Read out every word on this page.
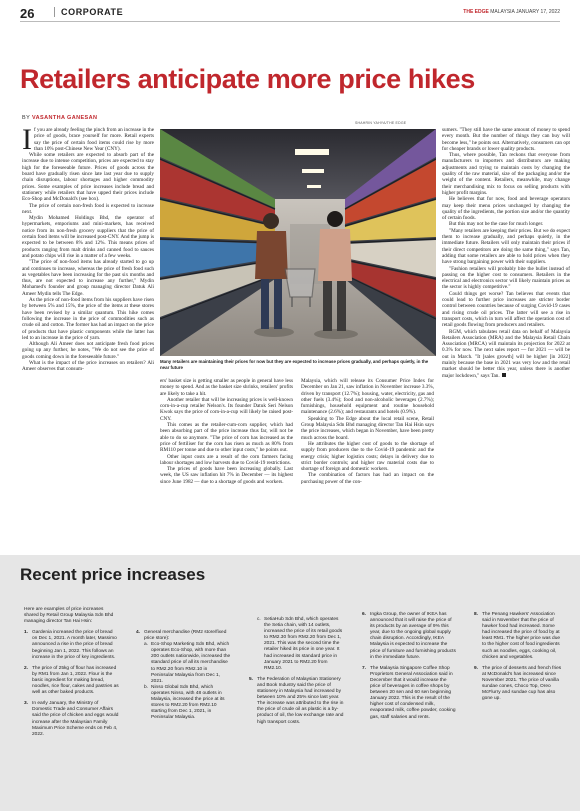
26	CORPORATE	THE EDGE MALAYSIA JANUARY 17, 2022
Retailers anticipate more price hikes
BY VASANTHA GANESAN
SHAHRIN YAHYA/THE EDGE
Many retailers are maintaining their prices for now but they are expected to increase prices gradually, and perhaps quietly, in the near future

If you are already feeling the pinch from an increase in the price of goods, brace yourself for more. Retail experts say the price of certain food items could rise by more than 10% post-Chinese New Year (CNY).

While some retailers are expected to absorb part of the increase due to intense competition, prices are expected to stay high for the foreseeable future. Prices of goods across the board have gradually risen since late last year due to supply chain disruptions, labour shortages and higher commodity prices. Some examples of price increases include bread and stationery while retailers that have upped their prices include Eco-Shop and McDonald's (see box).

The price of certain non-fresh food is expected to increase next.

Mydin Mohamed Holdings Bhd, the operator of hypermarkets, emporiums and mini-markets, has received notice from its non-fresh grocery suppliers that the price of certain food items will be increased post-CNY. And the jump is expected to be between 8% and 12%. This means prices of products ranging from malt drinks and canned food to sauces and potato chips will rise in a matter of a few weeks.

"The price of non-food items has already started to go up and continues to increase, whereas the price of fresh food such as vegetables have been increasing for the past six months and thus, are not expected to increase any further," Mydin Mohamed's founder and group managing director Datuk Ali Ameer Mydin tells The Edge.

As the price of non-food items from his suppliers have risen by between 5% and 15%, the price of the items at these stores have been revised by a similar quantum. This hike comes following the increase in the price of commodities such as crude oil and cotton. The former has had an impact on the price of products that have plastic components while the latter has led to an increase in the price of yarn.

Although Ali Ameer does not anticipate fresh food prices going up any further, he notes, "We do not see the price of goods coming down in the foreseeable future."

What is the impact of the price increases on retailers? Ali Ameer observes that consum-

ers' basket size is getting smaller as people in general have less money to spend. And as the basket size shrinks, retailers' profits are likely to take a hit.

Another retailer that will be increasing prices is well-known corn-in-a-cup retailer Nelson's. Its founder Datuk Seri Nelson Kwok says the price of corn-in-a-cup will likely be raised post-CNY.

This comes as the retailer-cum-corn supplier, which had been absorbing part of the price increase thus far, will not be able to do so anymore. "The price of corn has increased as the price of fertiliser for the corn has risen as much as 80% from RM110 per tonne and due to other input costs," he points out.

Other input costs are a result of the corn farmers facing labour shortages and low harvests due to Covid-19 restrictions.

The prices of goods have been increasing globally. Last week, the US saw inflation hit 7% in December — its highest since June 1982 — due to a shortage of goods and workers.

Malaysia, which will release its Consumer Price Index for December on Jan 21, saw inflation in November increase 3.3%, driven by transport (12.7%); housing, water, electricity, gas and other fuels (3.4%); food and non-alcoholic beverages (2.7%); furnishings, household equipment and routine household maintenance (2.6%); and restaurants and hotels (0.9%).

Speaking to The Edge about the local retail scene, Retail Group Malaysia Sdn Bhd managing director Tan Hai Hsin says the price increases, which began in November, have been pretty much across the board.

He attributes the higher cost of goods to the shortage of supply from producers due to the Covid-19 pandemic and the energy crisis; higher logistics costs; delays in delivery due to strict border controls; and higher raw material costs due to shortage of foreign and domestic workers.

The combination of factors has had an impact on the purchasing power of the con-

sumers. "They still have the same amount of money to spend every month. But the number of things they can buy will become less," he points out. Alternatively, consumers can opt for cheaper brands or lower quality products.

Thus, where possible, Tan reckons that everyone from manufacturers to importers and distributors are making adjustments and trying to maintain costs by changing the quality of the raw material, size of the packaging and/or the weight of the content. Retailers, meanwhile, may change their merchandising mix to focus on selling products with higher profit margins.

He believes that for now, food and beverage operators may keep their menu prices unchanged by changing the quality of the ingredients, the portion size and/or the quantity of certain foods.

But this may not be the case for much longer.

"Many retailers are keeping their prices. But we do expect them to increase gradually, and perhaps quietly, in the immediate future. Retailers will only maintain their prices if their direct competitors are doing the same thing," says Tan, adding that some retailers are able to hold prices when they have strong bargaining power with their suppliers.

"Fashion retailers will probably bite the bullet instead of passing on the higher cost to consumers. Retailers in the electrical and electronics sector will likely maintain prices as the sector is highly competitive."

Could things get worse? Tan believes that events that could lead to further price increases are stricter border control between countries because of surging Covid-19 cases and rising crude oil prices. The latter will see a rise in transport costs, which in turn will affect the operation cost of retail goods flowing from producers and retailers.

RGM, which tabulates retail data on behalf of Malaysia Retailers Association (MRA) and the Malaysia Retail Chain Association (MRCA) will maintain its projection for 2022 at 0.3% for now. The next sales report — for 2021 — will be out in March. "It [sales growth] will be higher [in 2022] mainly because the base in 2021 was very low and the retail market should be better this year, unless there is another major lockdown," says Tan.

Recent price increases
Here are examples of price increases shared by Retail Group Malaysia Sdn Bhd managing director Tan Hai Hsin:
1. Gardenia increased the price of bread on Dec 1, 2021. A month later, Massimo announced a rise in the price of bread beginning Jan 1, 2022. This follows an increase in the price of key ingredients.
2. The price of 25kg of flour has increased by RM1 from Jan 1, 2022. Flour is the basic ingredient for making bread, noodles, rice flour, cakes and pastries as well as other baked products.
3. In early January, the Ministry of Domestic Trade and Consumer Affairs said the price of chicken and eggs would increase after the Malaysian Family Maximum Price Scheme ends on Feb 4, 2022.
4. General merchandise (RM2 store/fixed price store):
a. Eco-Shop Marketing Sdn Bhd, which operates Eco-Shop, with more than 200 outlets nationwide, increased the standard price of all its merchandise to RM2.20 from RM2.10 in Peninsular Malaysia from Dec 1, 2021.
b. Ninso Global Sdn Bhd, which operates Ninso, with 48 outlets in Malaysia, increased the price at its stores to RM2.20 from RM2.10 starting from Dec 1, 2021, in Peninsular Malaysia.
c. SetiaHub Sdn Bhd, which operates the Setia chain, with 14 outlets, increased the price of its retail goods to RM2.30 from RM2.20 from Dec 1, 2021. This was the second time the retailer hiked its price in one year. It had increased its standard price in January 2021 to RM2.20 from RM2.10.
5. The Federation of Malaysian Stationery and Book Industry said the price of stationery in Malaysia had increased by between 10% and 25% since last year. The increase was attributed to the rise in the price of crude oil as plastic is a by-product of oil, the low exchange rate and high transport costs.
6. Ingka Group, the owner of IKEA has announced that it will raise the price of its products by an average of 9% this year, due to the ongoing global supply chain disruption. Accordingly, IKEA Malaysia is expected to increase the price of furniture and furnishing products in the immediate future.
7. The Malaysia Singapore Coffee Shop Proprietors General Association said in December that it would increase the price of beverages in coffee shops by between 20 sen and 60 sen beginning January 2022. This is the result of the higher cost of condensed milk, evaporated milk, coffee powder, cooking gas, staff salaries and rents.
8. The Penang Hawkers' Association said in November that the price of hawker food had increased. Some had increased the price of food by at least RM1. The higher price was due to the higher cost of food ingredients such as noodles, eggs, cooking oil, chicken and vegetables.
9. The price of desserts and french fries at McDonald's has increased since November 2021. The price of vanilla sundae cones, Choco Top, Oreo McFlurry and sundae cup has also gone up.
